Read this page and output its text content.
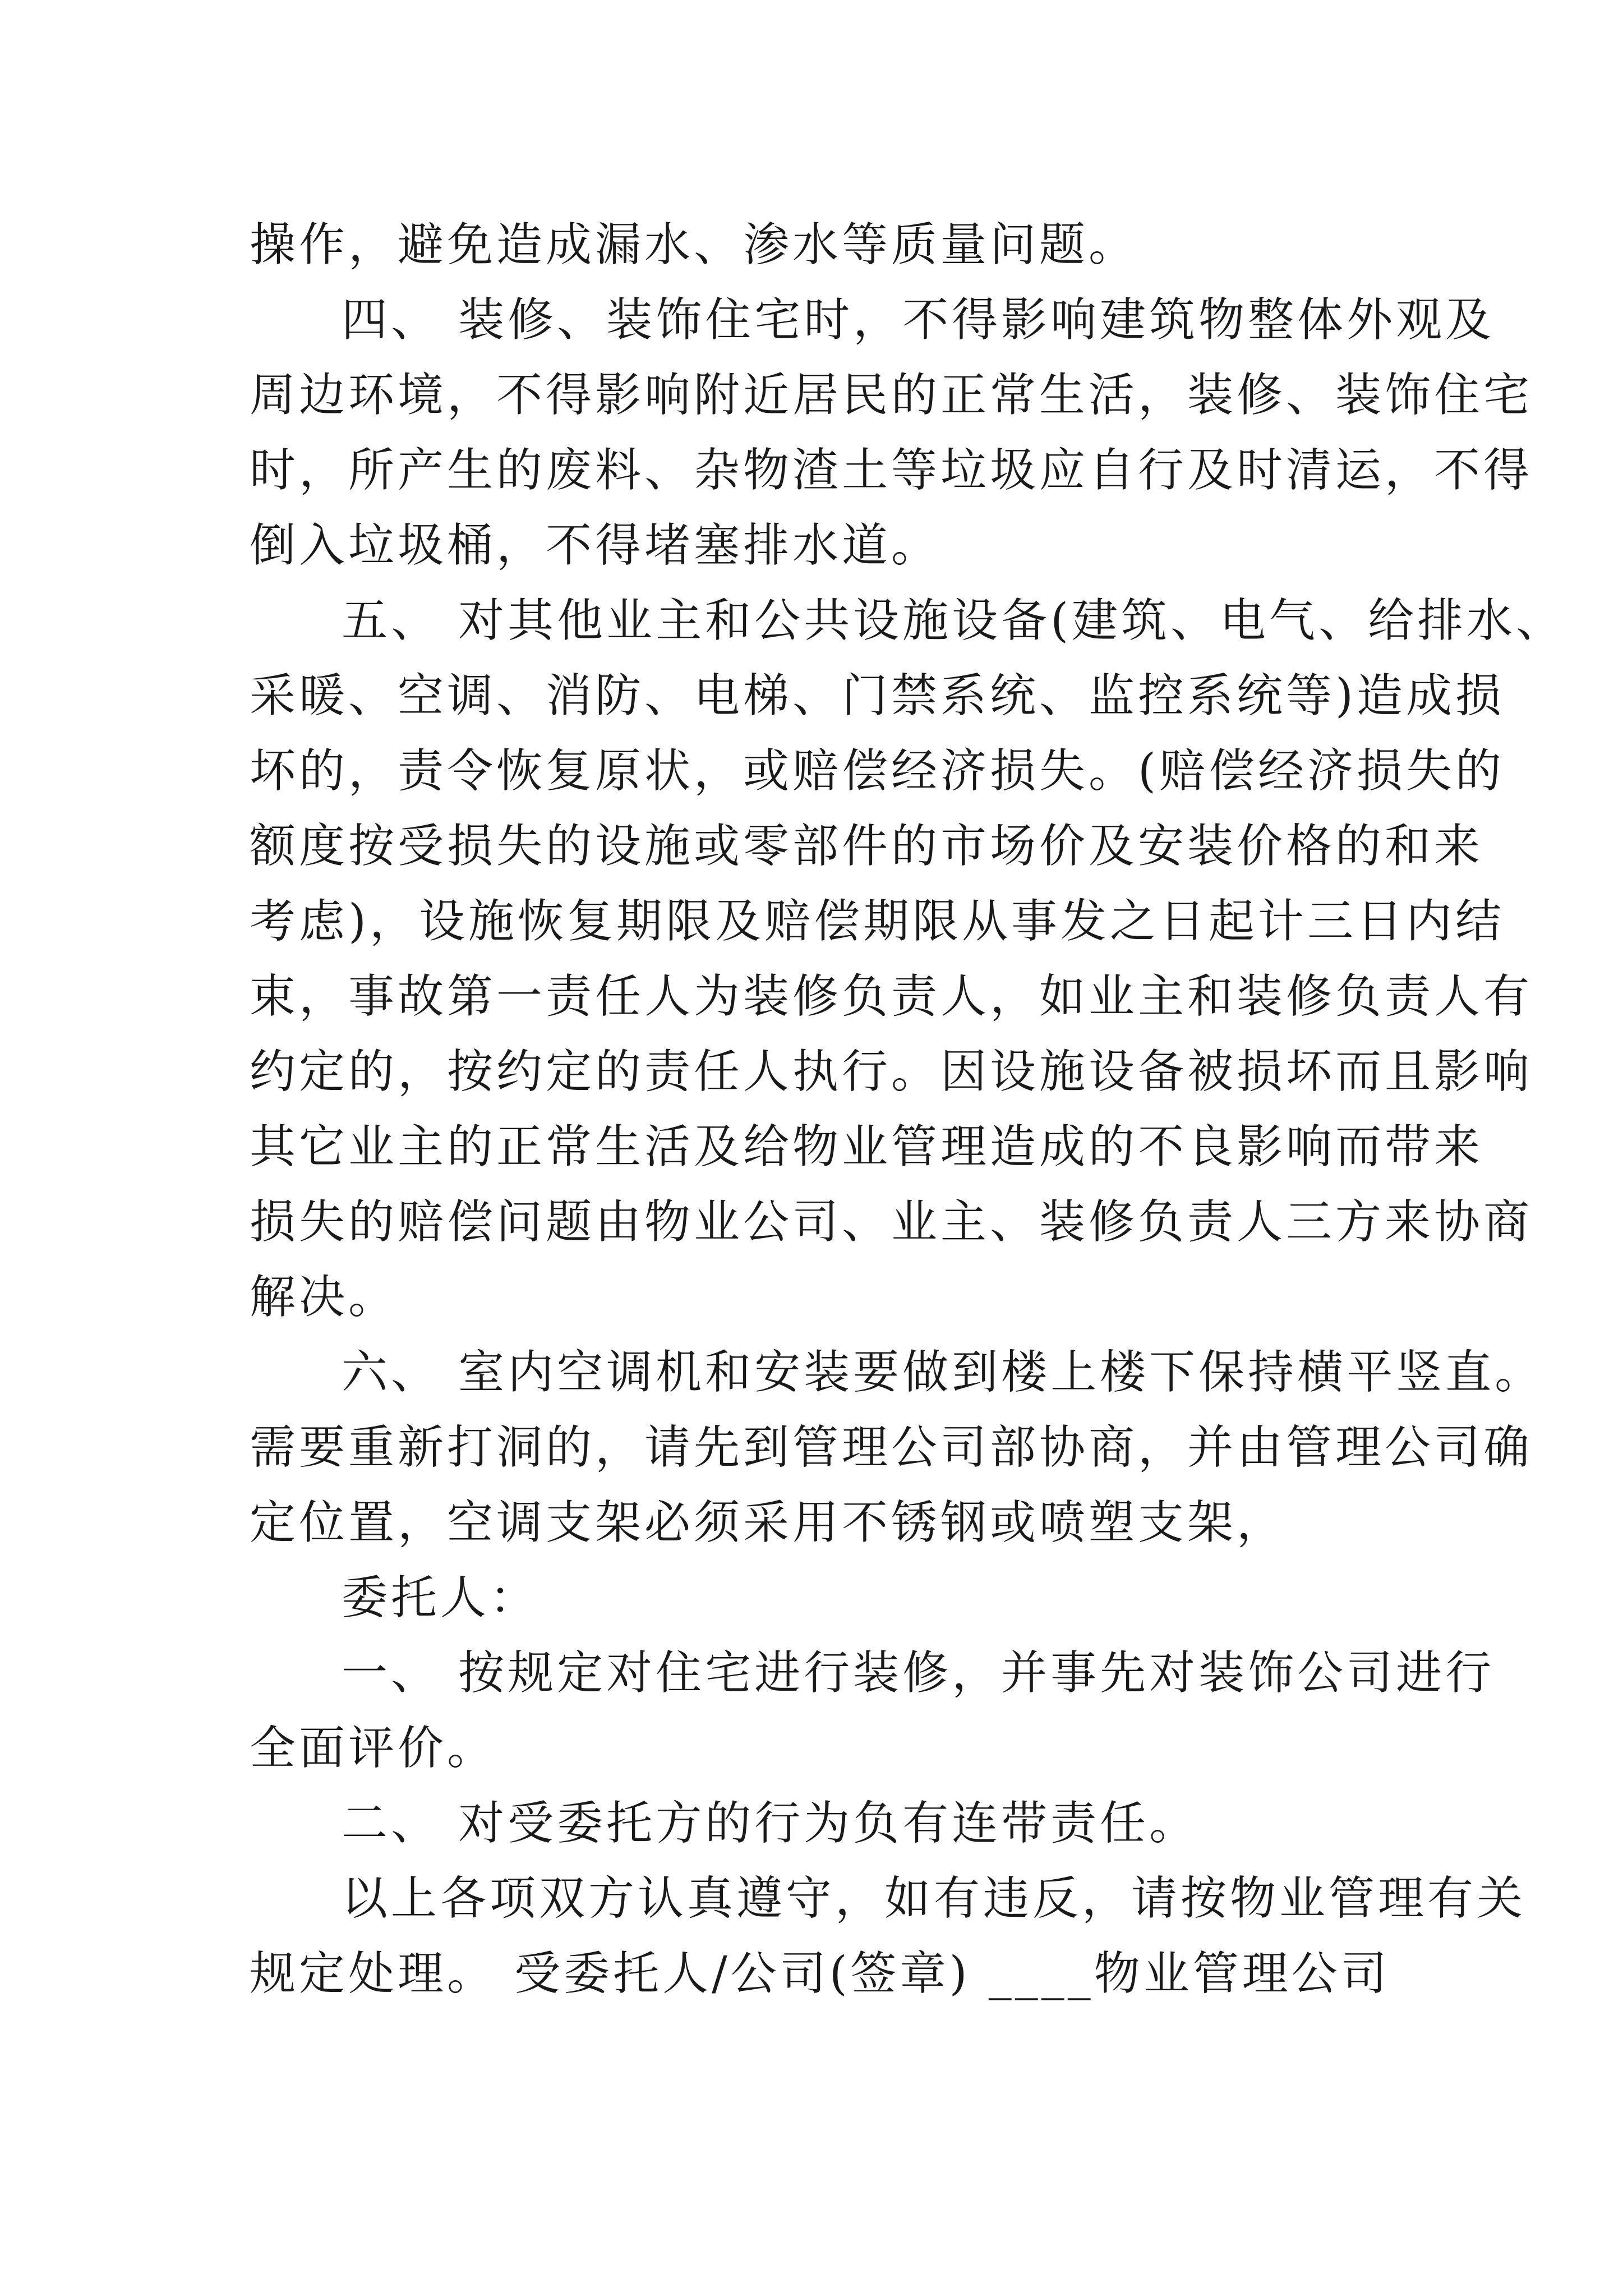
操作，避免造成漏水、渗水等质量问题。

四、 装修、装饰住宅时，不得影响建筑物整体外观及
周边环境，不得影响附近居民的正常生活，装修、装饰住宅
时，所产生的废料、杂物渣土等垃圾应自行及时清运，不得
倒入垃圾桶，不得堵塞排水道。

五、 对其他业主和公共设施设备(建筑、电气、给排水、
采暖、空调、消防、电梯、门禁系统、监控系统等)造成损
坏的，责令恢复原状，或赔偿经济损失。(赔偿经济损失的
额度按受损失的设施或零部件的市场价及安装价格的和来
考虑)，设施恢复期限及赔偿期限从事发之日起计三日内结
束，事故第一责任人为装修负责人，如业主和装修负责人有
约定的，按约定的责任人执行。因设施设备被损坏而且影响
其它业主的正常生活及给物业管理造成的不良影响而带来
损失的赔偿问题由物业公司、业主、装修负责人三方来协商
解决。

六、 室内空调机和安装要做到楼上楼下保持横平竖直。
需要重新打洞的，请先到管理公司部协商，并由管理公司确
定位置，空调支架必须采用不锈钢或喷塑支架，

委托人：

一、 按规定对住宅进行装修，并事先对装饰公司进行
全面评价。

二、 对受委托方的行为负有连带责任。

以上各项双方认真遵守，如有违反，请按物业管理有关
规定处理。 受委托人/公司(签章) ____物业管理公司
